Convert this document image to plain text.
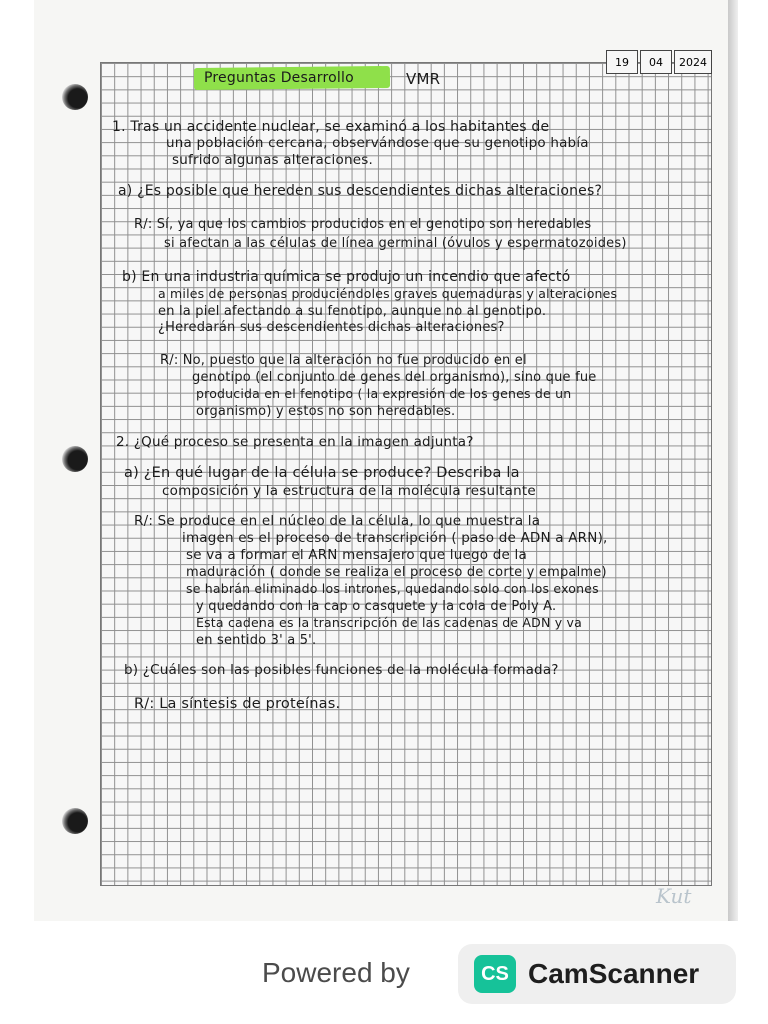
19	04	2024
Preguntas Desarrollo	VMR
1. Tras un accidente nuclear, se examinó a los habitantes de
una población cercana, observándose que su genotipo había
sufrido algunas alteraciones.
a) ¿Es posible que hereden sus descendientes dichas alteraciones?
R/: Sí, ya que los cambios producidos en el genotipo son heredables
si afectan a las células de línea germinal (óvulos y espermatozoides)
b) En una industria química se produjo un incendio que afectó
a miles de personas produciéndoles graves quemaduras y alteraciones
en la piel afectando a su fenotipo, aunque no al genotipo.
¿Heredarán sus descendientes dichas alteraciones?
R/: No, puesto que la alteración no fue producido en el
genotipo (el conjunto de genes del organismo), sino que fue
producida en el fenotipo ( la expresión de los genes de un
organismo) y estos no son heredables.
2. ¿Qué proceso se presenta en la imagen adjunta?
a) ¿En qué lugar de la célula se produce? Describa la
composición y la estructura de la molécula resultante
R/: Se produce en el núcleo de la célula, lo que muestra la
imagen es el proceso de transcripción ( paso de ADN a ARN),
se va a formar el ARN mensajero que luego de la
maduración ( donde se realiza el proceso de corte y empalme)
se habrán eliminado los intrones, quedando solo con los exones
y quedando con la cap o casquete y la cola de Poly A.
Esta cadena es la transcripción de las cadenas de ADN y va
en sentido 3' a 5'.
b) ¿Cuáles son las posibles funciones de la molécula formada?
R/: La síntesis de proteínas.
Kut
Powered by	CS CamScanner
